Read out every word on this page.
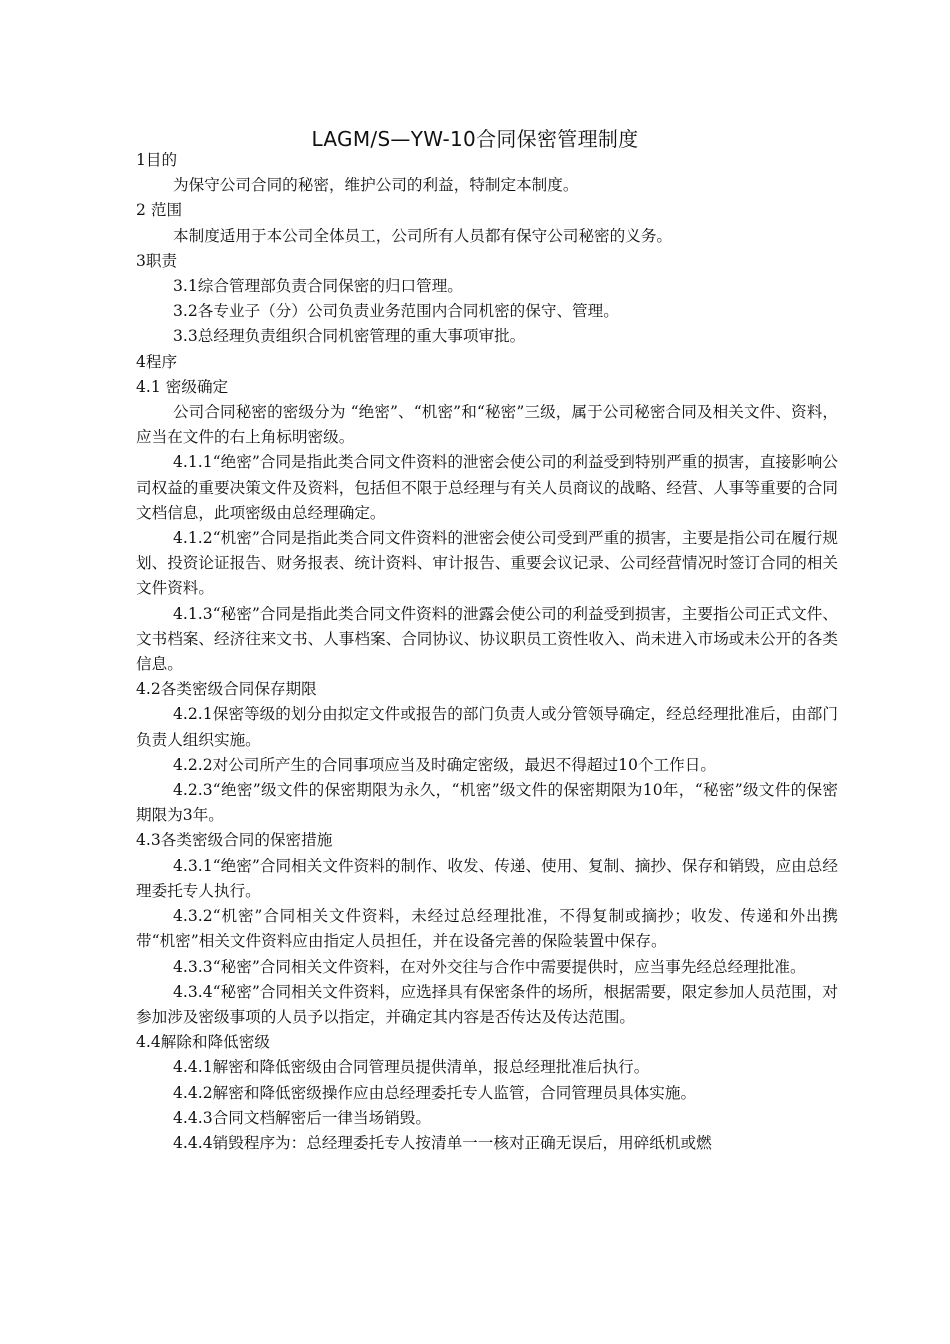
LAGM/S—YW-10合同保密管理制度

1目的

为保守公司合同的秘密，维护公司的利益，特制定本制度。

2 范围

本制度适用于本公司全体员工，公司所有人员都有保守公司秘密的义务。

3职责

3.1综合管理部负责合同保密的归口管理。

3.2各专业子（分）公司负责业务范围内合同机密的保守、管理。

3.3总经理负责组织合同机密管理的重大事项审批。

4程序

4.1 密级确定

公司合同秘密的密级分为 “绝密”、“机密”和“秘密”三级，属于公司秘密合同及相关文件、资料，应当在文件的右上角标明密级。

4.1.1“绝密”合同是指此类合同文件资料的泄密会使公司的利益受到特别严重的损害，直接影响公司权益的重要决策文件及资料，包括但不限于总经理与有关人员商议的战略、经营、人事等重要的合同文档信息，此项密级由总经理确定。

4.1.2“机密”合同是指此类合同文件资料的泄密会使公司受到严重的损害，主要是指公司在履行规划、投资论证报告、财务报表、统计资料、审计报告、重要会议记录、公司经营情况时签订合同的相关文件资料。

4.1.3“秘密”合同是指此类合同文件资料的泄露会使公司的利益受到损害，主要指公司正式文件、文书档案、经济往来文书、人事档案、合同协议、协议职员工资性收入、尚未进入市场或未公开的各类信息。

4.2各类密级合同保存期限

4.2.1保密等级的划分由拟定文件或报告的部门负责人或分管领导确定，经总经理批准后，由部门负责人组织实施。

4.2.2对公司所产生的合同事项应当及时确定密级，最迟不得超过10个工作日。

4.2.3“绝密”级文件的保密期限为永久，“机密”级文件的保密期限为10年，“秘密”级文件的保密期限为3年。

4.3各类密级合同的保密措施

4.3.1“绝密”合同相关文件资料的制作、收发、传递、使用、复制、摘抄、保存和销毁，应由总经理委托专人执行。

4.3.2“机密”合同相关文件资料，未经过总经理批准，不得复制或摘抄；收发、传递和外出携带“机密”相关文件资料应由指定人员担任，并在设备完善的保险装置中保存。

4.3.3“秘密”合同相关文件资料，在对外交往与合作中需要提供时，应当事先经总经理批准。

4.3.4“秘密”合同相关文件资料，应选择具有保密条件的场所，根据需要，限定参加人员范围，对参加涉及密级事项的人员予以指定，并确定其内容是否传达及传达范围。

4.4解除和降低密级

4.4.1解密和降低密级由合同管理员提供清单，报总经理批准后执行。

4.4.2解密和降低密级操作应由总经理委托专人监管，合同管理员具体实施。

4.4.3合同文档解密后一律当场销毁。

4.4.4销毁程序为：总经理委托专人按清单一一核对正确无误后，用碎纸机或燃
